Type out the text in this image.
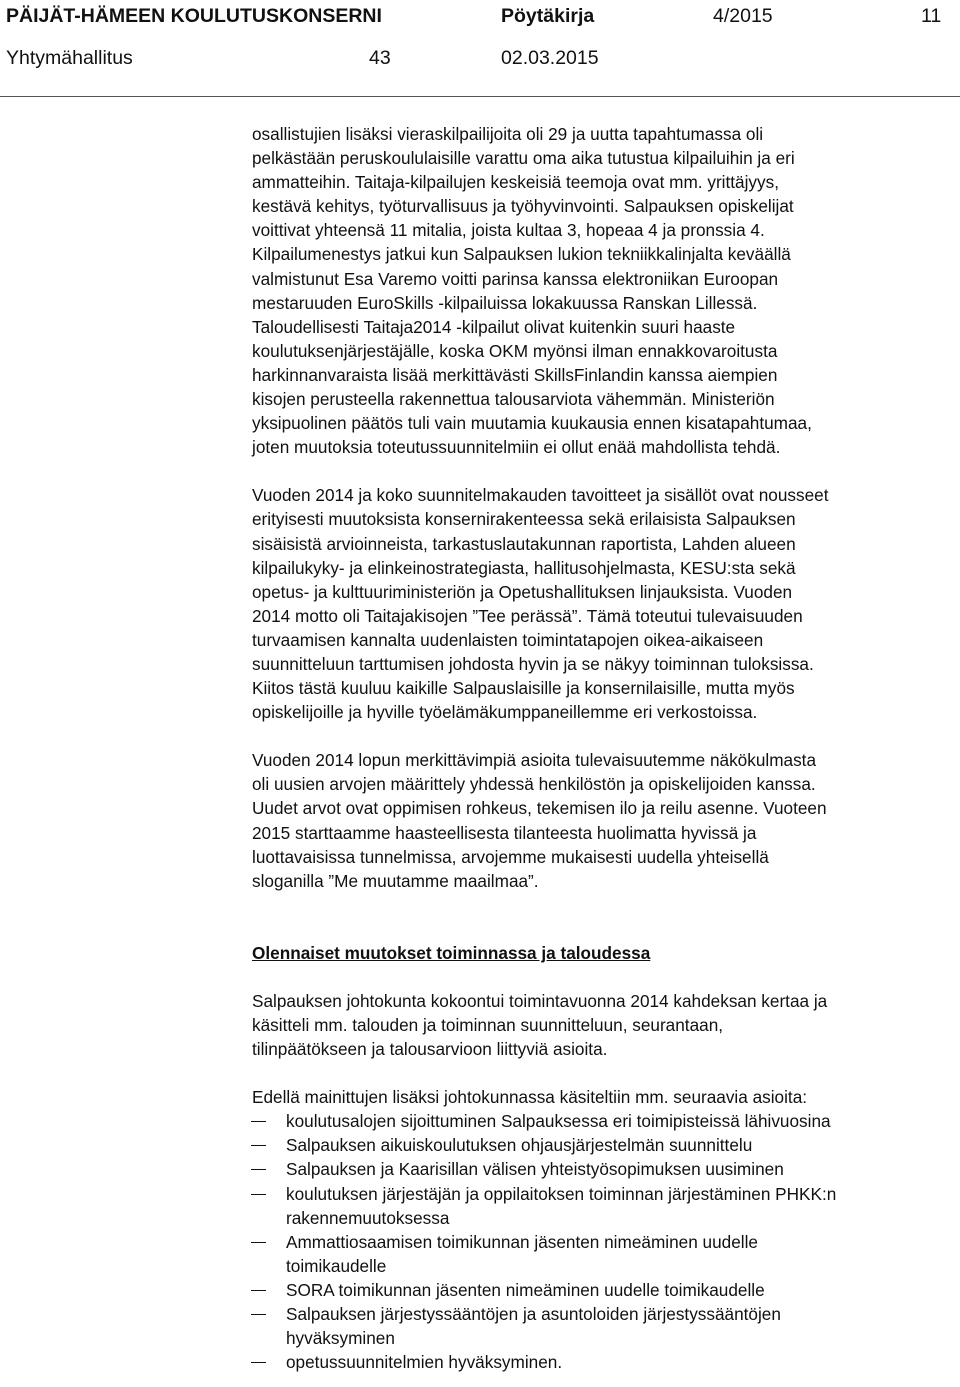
PÄIJÄT-HÄMEEN KOULUTUSKONSERNI	Pöytäkirja	4/2015	11
Yhtymähallitus	43	02.03.2015

osallistujien lisäksi vieraskilpailijoita oli 29 ja uutta tapahtumassa oli
pelkästään peruskoululaisille varattu oma aika tutustua kilpailuihin ja eri
ammatteihin. Taitaja-kilpailujen keskeisiä teemoja ovat mm. yrittäjyys,
kestävä kehitys, työturvallisuus ja työhyvinvointi. Salpauksen opiskelijat
voittivat yhteensä 11 mitalia, joista kultaa 3, hopeaa 4 ja pronssia 4.
Kilpailumenestys jatkui kun Salpauksen lukion tekniikkalinjalta keväällä
valmistunut Esa Varemo voitti parinsa kanssa elektroniikan Euroopan
mestaruuden EuroSkills -kilpailuissa lokakuussa Ranskan Lillessä.
Taloudellisesti Taitaja2014 -kilpailut olivat kuitenkin suuri haaste
koulutuksenjärjestäjälle, koska OKM myönsi ilman ennakkovaroitusta
harkinnanvaraista lisää merkittävästi SkillsFinlandin kanssa aiempien
kisojen perusteella rakennettua talousarviota vähemmän. Ministeriön
yksipuolinen päätös tuli vain muutamia kuukausia ennen kisatapahtumaa,
joten muutoksia toteutussuunnitelmiin ei ollut enää mahdollista tehdä.

Vuoden 2014 ja koko suunnitelmakauden tavoitteet ja sisällöt ovat nousseet
erityisesti muutoksista konsernirakenteessa sekä erilaisista Salpauksen
sisäisistä arvioinneista, tarkastuslautakunnan raportista, Lahden alueen
kilpailukyky- ja elinkeinostrategiasta, hallitusohjelmasta, KESU:sta sekä
opetus- ja kulttuuriministeriön ja Opetushallituksen linjauksista. Vuoden
2014 motto oli Taitajakisojen ”Tee perässä”. Tämä toteutui tulevaisuuden
turvaamisen kannalta uudenlaisten toimintatapojen oikea-aikaiseen
suunnitteluun tarttumisen johdosta hyvin ja se näkyy toiminnan tuloksissa.
Kiitos tästä kuuluu kaikille Salpauslaisille ja konsernilaisille, mutta myös
opiskelijoille ja hyville työelämäkumppaneillemme eri verkostoissa.

Vuoden 2014 lopun merkittävimpiä asioita tulevaisuutemme näkökulmasta
oli uusien arvojen määrittely yhdessä henkilöstön ja opiskelijoiden kanssa.
Uudet arvot ovat oppimisen rohkeus, tekemisen ilo ja reilu asenne. Vuoteen
2015 starttaamme haasteellisesta tilanteesta huolimatta hyvissä ja
luottavaisissa tunnelmissa, arvojemme mukaisesti uudella yhteisellä
sloganilla ”Me muutamme maailmaa”.

Olennaiset muutokset toiminnassa ja taloudessa

Salpauksen johtokunta kokoontui toimintavuonna 2014 kahdeksan kertaa ja
käsitteli mm. talouden ja toiminnan suunnitteluun, seurantaan,
tilinpäätökseen ja talousarvioon liittyviä asioita.

Edellä mainittujen lisäksi johtokunnassa käsiteltiin mm. seuraavia asioita:

koulutusalojen sijoittuminen Salpauksessa eri toimipisteissä lähivuosina
Salpauksen aikuiskoulutuksen ohjausjärjestelmän suunnittelu
Salpauksen ja Kaarisillan välisen yhteistyösopimuksen uusiminen
koulutuksen järjestäjän ja oppilaitoksen toiminnan järjestäminen PHKK:n
rakennemuutoksessa
Ammattiosaamisen toimikunnan jäsenten nimeäminen uudelle
toimikaudelle
SORA toimikunnan jäsenten nimeäminen uudelle toimikaudelle
Salpauksen järjestyssääntöjen ja asuntoloiden järjestyssääntöjen
hyväksyminen
opetussuunnitelmien hyväksyminen.
